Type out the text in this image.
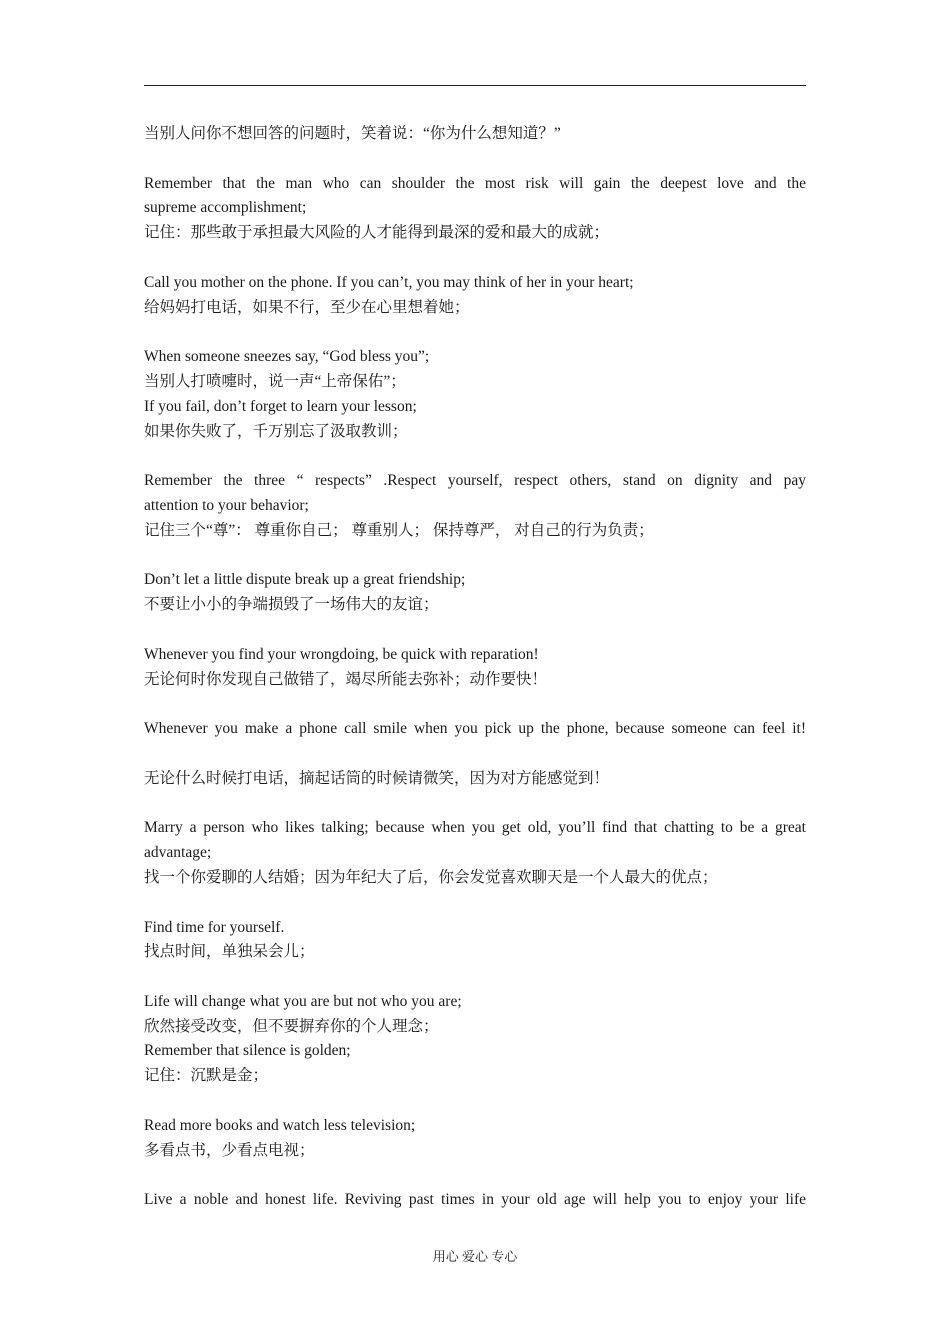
当别人问你不想回答的问题时，笑着说：“你为什么想知道？”
Remember that the man who can shoulder the most risk will gain the deepest love and the
supreme accomplishment;
记住：那些敢于承担最大风险的人才能得到最深的爱和最大的成就；
Call you mother on the phone. If you can’t, you may think of her in your heart;
给妈妈打电话，如果不行，至少在心里想着她；
When someone sneezes say, “God bless you”;
当别人打喷嚏时，说一声“上帝保佑”；
If you fail, don’t forget to learn your lesson;
如果你失败了，千万别忘了汲取教训；
Remember the three “ respects” .Respect yourself, respect others, stand on dignity and pay
attention to your behavior;
记住三个“尊”： 尊重你自己； 尊重别人； 保持尊严， 对自己的行为负责；
Don’t let a little dispute break up a great friendship;
不要让小小的争端损毁了一场伟大的友谊；
Whenever you find your wrongdoing, be quick with reparation!
无论何时你发现自己做错了，竭尽所能去弥补；动作要快！
Whenever you make a phone call smile when you pick up the phone, because someone can feel it!
无论什么时候打电话，摘起话筒的时候请微笑，因为对方能感觉到！
Marry a person who likes talking; because when you get old, you’ll find that chatting to be a great
advantage;
找一个你爱聊的人结婚；因为年纪大了后，你会发觉喜欢聊天是一个人最大的优点；
Find time for yourself.
找点时间，单独呆会儿；
Life will change what you are but not who you are;
欣然接受改变，但不要摒弃你的个人理念；
Remember that silence is golden;
记住：沉默是金；
Read more books and watch less television;
多看点书，少看点电视；
Live a noble and honest life. Reviving past times in your old age will help you to enjoy your life
用心 爱心 专心
